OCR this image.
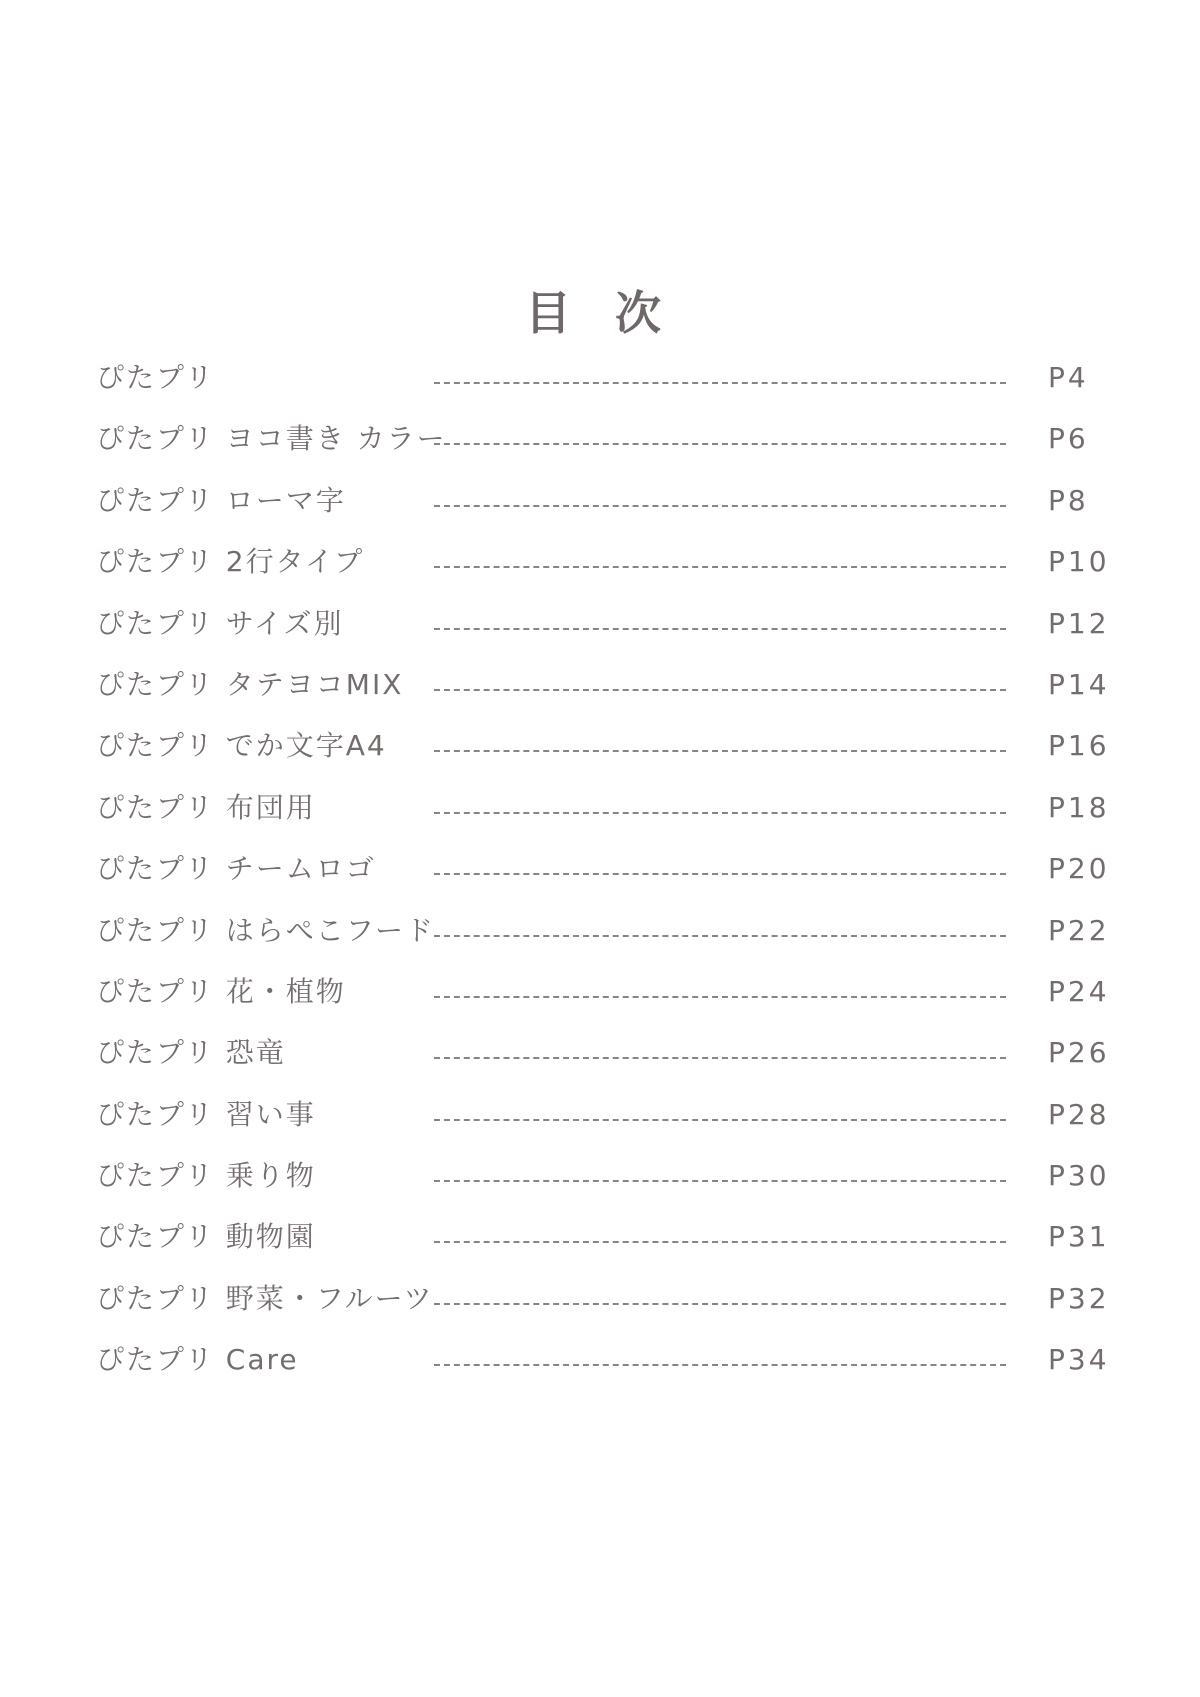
目 次
ぴたプリ	P4
ぴたプリ ヨコ書き カラー	P6
ぴたプリ ローマ字	P8
ぴたプリ 2行タイプ	P10
ぴたプリ サイズ別	P12
ぴたプリ タテヨコMIX	P14
ぴたプリ でか文字A4	P16
ぴたプリ 布団用	P18
ぴたプリ チームロゴ	P20
ぴたプリ はらぺこフード	P22
ぴたプリ 花・植物	P24
ぴたプリ 恐竜	P26
ぴたプリ 習い事	P28
ぴたプリ 乗り物	P30
ぴたプリ 動物園	P31
ぴたプリ 野菜・フルーツ	P32
ぴたプリ Care	P34
